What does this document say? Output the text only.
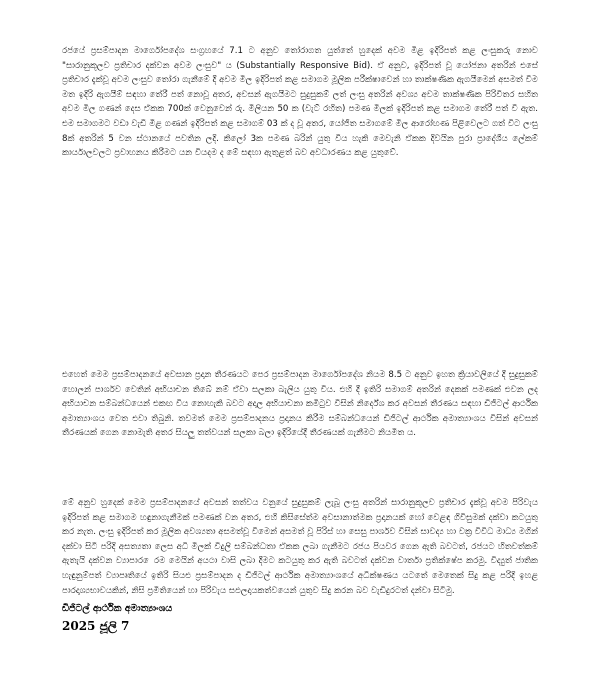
රජයේ ප්‍රසම්පාදන මාර්ගෝපදේශ සංග්‍රහයේ 7.1 ට අනුව තෝරාගත යුත්තේ හුදෙක් අවම මිළ ඉදිරිපත් කළ ලංසුකරු නොව "සාරානුකූලව ප්‍රතිචාර දක්වන අවම ලංසුව" ය (Substantially Responsive Bid). ඒ අනුව, ඉදිරිපත් වූ යෝජනා අතරින් එසේ ප්‍රතිචාර දැක්වූ අවම ලංසුව තෝරා ගැනීමේ දී අවම මිල ඉදිරිපත් කළ සමාගම මූලික පරීක්ෂාවෙන් හා තාක්ෂණික ඇගයීමෙන් අසමත් වීම මත ඉදිරි ඇගයීම් සඳහා තේරී පත් නොවූ අතර, අවසන් ඇගයීමට සුදුසුකම් ලත් ලංසු අතරින් අවශ්‍ය අවම තාක්ෂණික පිරිවිතර සහිත අවම මිල ගණන් දෙස ඒකක 700ක් වෙනුවෙන් රු. මිලියන 50 ක (වැට් රහිත) පමණ මිලක් ඉදිරිපත් කළ සමාගම තේරී පත් වී ඇත. එම සමාගමට වඩා වැඩි මිළ ගණන් ඉදිරිපත් කළ සමාගම් 03 ක් ද වූ අතර, යෝජිත සමාගමේ මිල ආරෝහණ පිළිවෙලට ගත් විට ලංසු 8ක් අතරින් 5 වන ස්ථානයේ පවතින ලදි. කිලෝ 3ක පමණ බරින් යුතු විය හැකි මෙවැනි ඒකක දිවයින පුරා ප්‍රාදේශීය ලේකම් කාර්යාලවලට ප්‍රවාහනය කිරීමට යන වියදම ද මේ සඳහා ඇතුළත් බව අවධාරණය කළ යුතුවේ.

එහෙත් මෙම ප්‍රසම්පාදනයේ අවසාන ප්‍රදාන තීරණයට පෙර ප්‍රසම්පාදන මාර්ගෝපදේශ නියම 8.5 ට අනුව ඉහත ක්‍රියාවලියේ දී සුදුසුකම් හොලන් පාර්ශව වෙතින් අභියාචන තිබේ නම් ඒවා සලකා බැලිය යුතු විය. එහි දී ඉතිරි සමාගම් අතරින් දෙකක් පමණක් එවන ලද අභියාචන සම්බන්ධයෙන් එකඟ විය නොහැකි බවට අදාල අභියාචනා කමිටුව විසින් නිර්දේශ කර අවසන් තීරණය සඳහා ඩිජිටල් ආර්ථික අමාත්‍යාංශය වෙත එවා තිබුනි. තවමත් මෙම ප්‍රසම්පාදනය ප්‍රදානය කිරීම සම්බන්ධයෙන් ඩිජිටල් ආර්ථික අමාත්‍යාංශය විසින් අවසන් තීරණයක් ගෙන නොමැති අතර සියලු තත්වයන් සලකා බලා ඉදිරියේදී තීරණයක් ගැනීමට නියමිත ය.

මේ අනුව හුදෙක් මෙම ප්‍රසම්පාදනයේ අවසන් තත්වය වනුයේ සුදුසුකම් ලැබූ ලංසු අතරින් සාරානුකූලව ප්‍රතිචාර දැක්වූ අවම පිරිවැය ඉදිරිපත් කළ සමාගම හඳුනාගැනීමක් පමණක් වන අතර, එහි කිසිසේත්ම අවසානාත්මක ප්‍රදානයක් හෝ වෙළඳ ගිවිසුමක් දක්වා කටයුතු කර නැත. ලංසු ඉදිරිපත් කර මූලික අවශ්‍යතා අසමත්වූ වීමෙන් අසමත් වූ පිරිස් හා සෙසු පාර්ශව විසින් සාවද්‍ය හා වක්‍ර විවිධ මාධ්‍ය මගින් දක්වා සිටි පරිදි අසත්‍යතා ලෙස අධි මිලක් විදුලි සම්බන්ධතා ඒකක ලබා ගැනීමට රජය පියවර ගෙන ඇති බවටත්, රජයට හිතවත්කම් ඇතැයි දක්වන ව්‍යාපාර ෙරම මෙයින් අයථා වාසි ලබා දීමට කටයුතු කර ඇති බවටත් දක්වන වාර්තා ප්‍රතික්ෂේප කරමු. විද්‍යුත් ජාතික හැඳුනුම්පත් ව්‍යාපෘතියේ ඉතිරි සියළු ප්‍රසම්පාදන ද ඩිජිටල් ආර්ථික අමාත්‍යාංශයේ අධීක්ෂණය යටතේ මෙතෙක් සිදු කළ පරිදි ඉහළ පාරදෘශ්‍යභාවයකින්, නිසි ප්‍රමිතියෙන් හා පිරිවැය සඵලදායකත්වයෙන් යුතුව සිදු කරන බව වැඩිදුරටත් දන්වා සිටිමු.

ඩිජිටල් ආර්ථික අමාත්‍යාංශය

2025 ජූලි 7
